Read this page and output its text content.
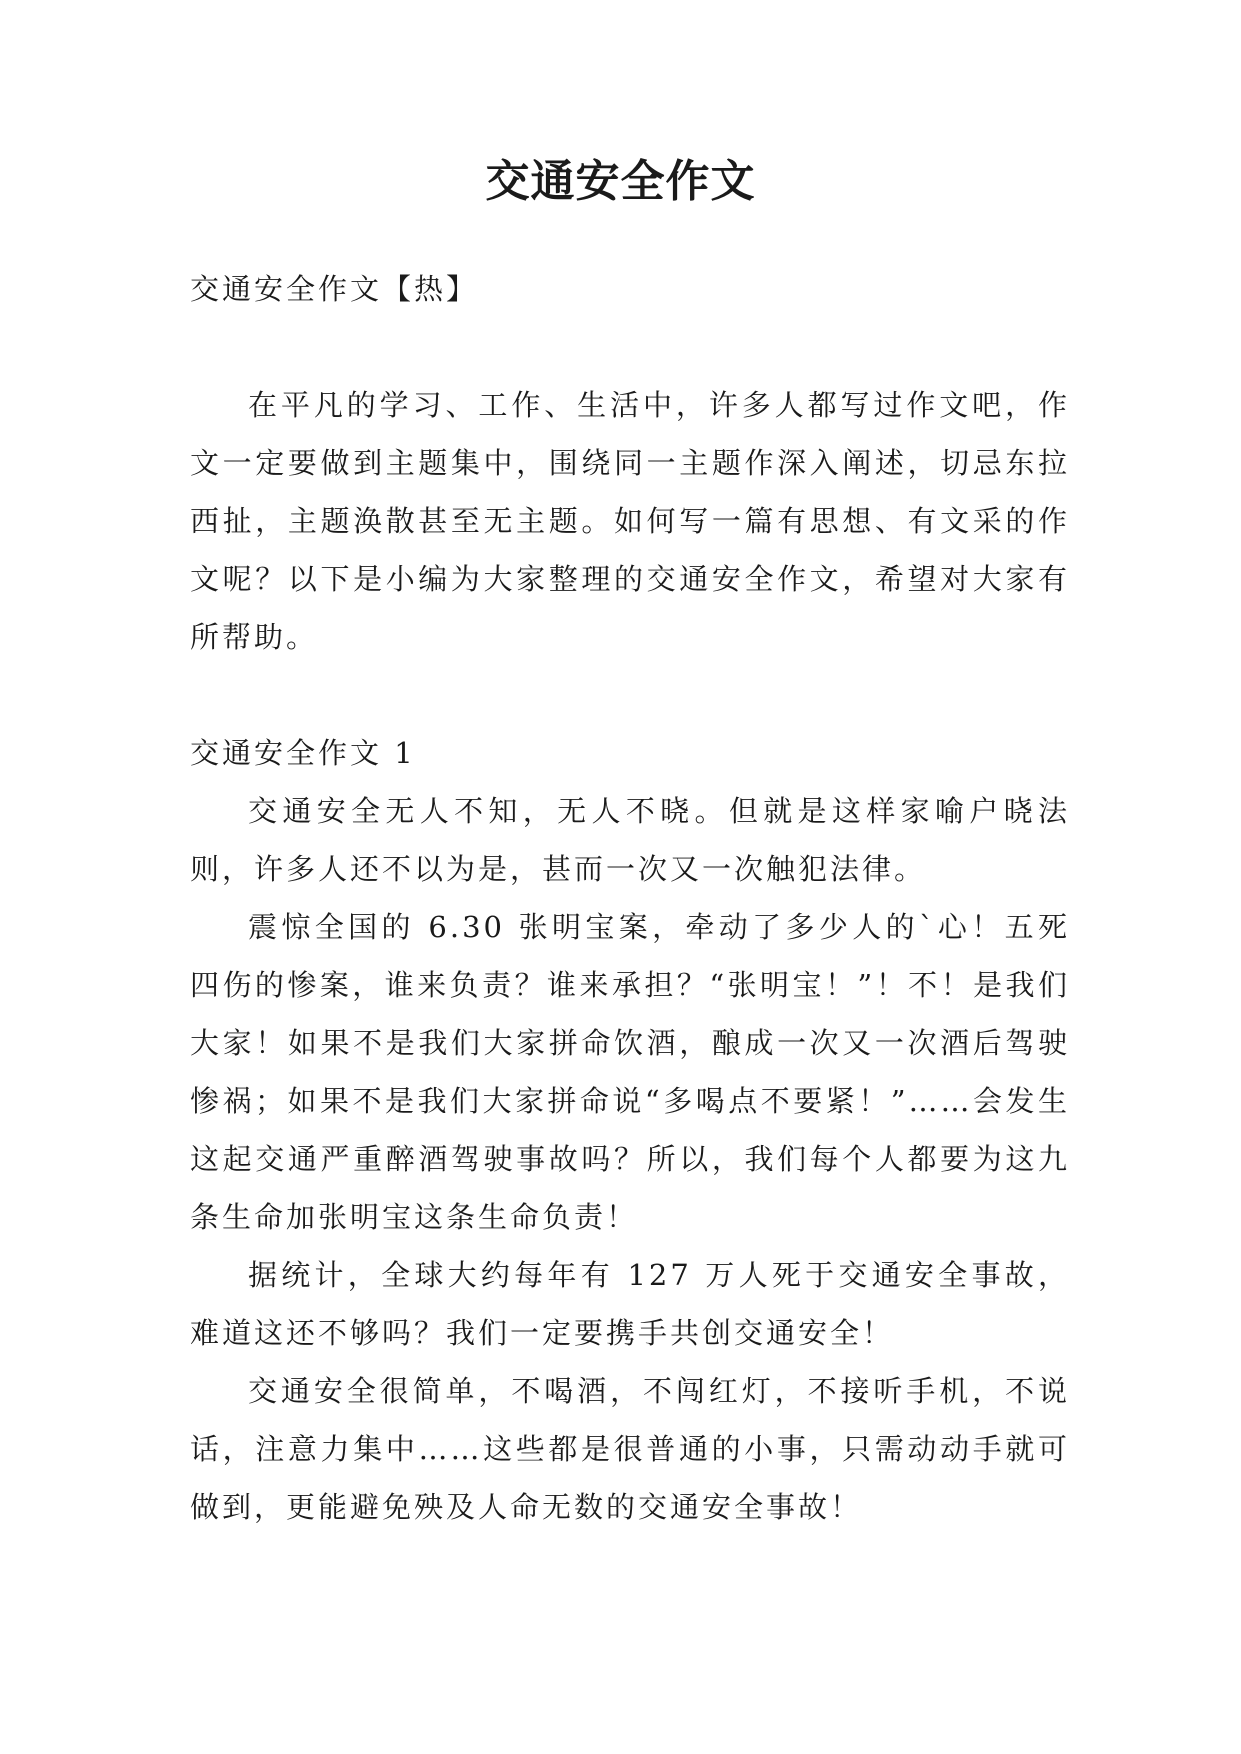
交通安全作文

交通安全作文【热】

在平凡的学习、工作、生活中，许多人都写过作文吧，作文一定要做到主题集中，围绕同一主题作深入阐述，切忌东拉西扯，主题涣散甚至无主题。如何写一篇有思想、有文采的作文呢？以下是小编为大家整理的交通安全作文，希望对大家有所帮助。

交通安全作文 1

交通安全无人不知，无人不晓。但就是这样家喻户晓法则，许多人还不以为是，甚而一次又一次触犯法律。

震惊全国的 6.30 张明宝案，牵动了多少人的`心！五死四伤的惨案，谁来负责？谁来承担？“张明宝！”！不！是我们大家！如果不是我们大家拼命饮酒，酿成一次又一次酒后驾驶惨祸；如果不是我们大家拼命说“多喝点不要紧！”……会发生这起交通严重醉酒驾驶事故吗？所以，我们每个人都要为这九条生命加张明宝这条生命负责！

据统计，全球大约每年有 127 万人死于交通安全事故，难道这还不够吗？我们一定要携手共创交通安全！

交通安全很简单，不喝酒，不闯红灯，不接听手机，不说话，注意力集中……这些都是很普通的小事，只需动动手就可做到，更能避免殃及人命无数的交通安全事故！
